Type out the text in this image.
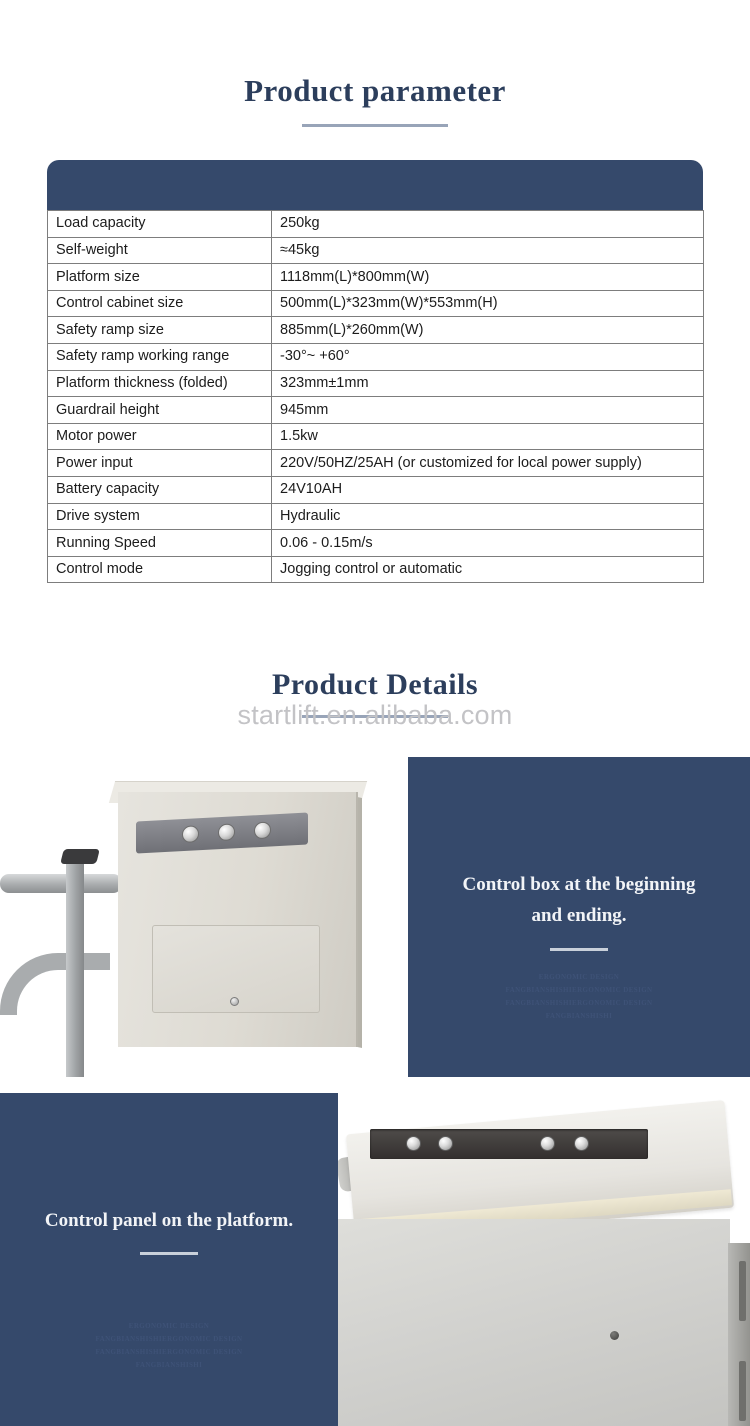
Product parameter
Load capacity	250kg
Self-weight	≈45kg
Platform size	1118mm(L)*800mm(W)
Control cabinet size	500mm(L)*323mm(W)*553mm(H)
Safety ramp size	885mm(L)*260mm(W)
Safety ramp working range	-30°~ +60°
Platform thickness (folded)	323mm±1mm
Guardrail height	945mm
Motor power	1.5kw
Power input	220V/50HZ/25AH (or customized for local power supply)
Battery capacity	24V10AH
Drive system	Hydraulic
Running Speed	0.06 - 0.15m/s
Control mode	Jogging control or automatic
Product Details
startlift.en.alibaba.com
Control box at the beginning
and ending.
ERGONOMIC DESIGN
FANGBIANSHISHIERGONOMIC DESIGN
FANGBIANSHISHIERGONOMIC DESIGN
FANGBIANSHISHI
Control panel on the platform.
ERGONOMIC DESIGN
FANGBIANSHISHIERGONOMIC DESIGN
FANGBIANSHISHIERGONOMIC DESIGN
FANGBIANSHISHI
